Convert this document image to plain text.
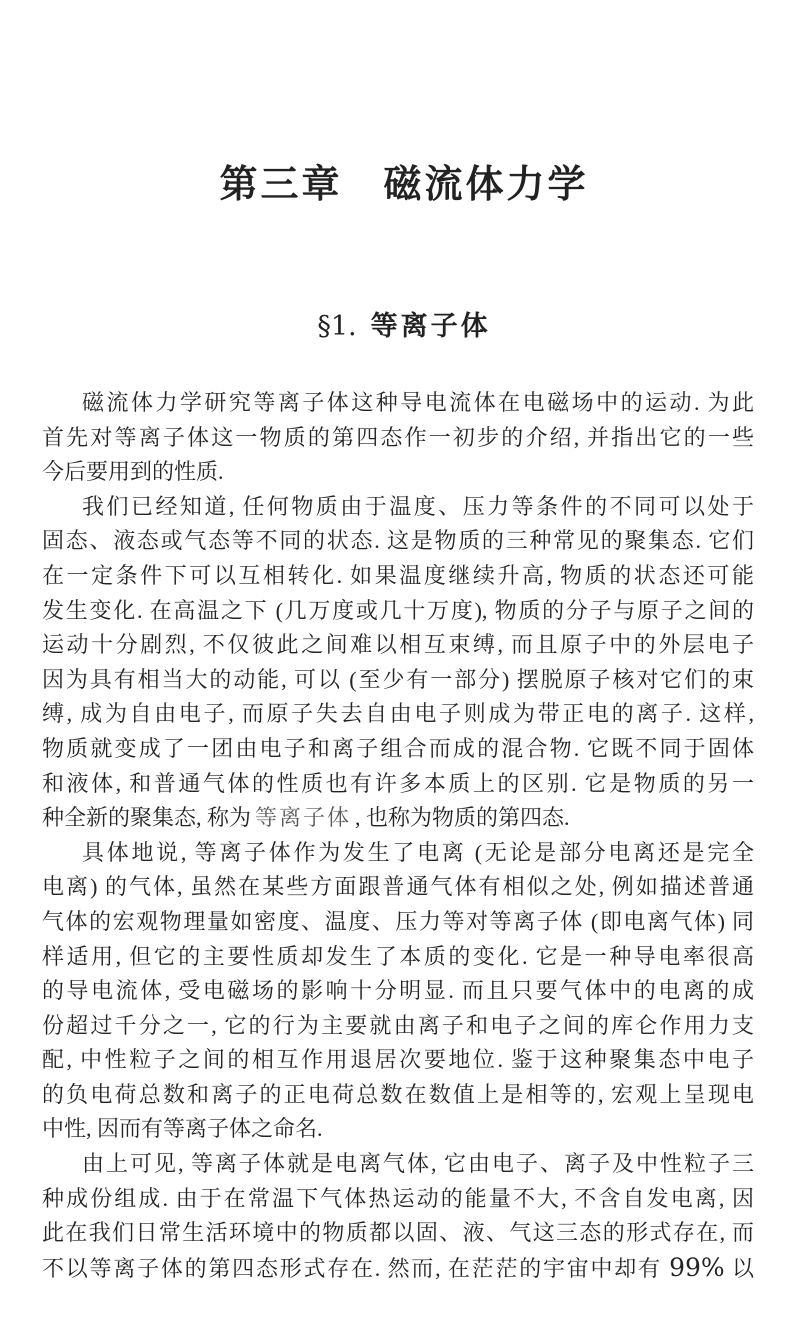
第三章　磁流体力学
§1. 等离子体
磁流体力学研究等离子体这种导电流体在电磁场中的运动. 为此
首先对等离子体这一物质的第四态作一初步的介绍, 并指出它的一些
今后要用到的性质.
我们已经知道, 任何物质由于温度、压力等条件的不同可以处于
固态、液态或气态等不同的状态. 这是物质的三种常见的聚集态. 它们
在一定条件下可以互相转化. 如果温度继续升高, 物质的状态还可能
发生变化. 在高温之下 (几万度或几十万度), 物质的分子与原子之间的
运动十分剧烈, 不仅彼此之间难以相互束缚, 而且原子中的外层电子
因为具有相当大的动能, 可以 (至少有一部分) 摆脱原子核对它们的束
缚, 成为自由电子, 而原子失去自由电子则成为带正电的离子. 这样,
物质就变成了一团由电子和离子组合而成的混合物. 它既不同于固体
和液体, 和普通气体的性质也有许多本质上的区别. 它是物质的另一
种全新的聚集态, 称为 等离子体 , 也称为物质的第四态.
具体地说, 等离子体作为发生了电离 (无论是部分电离还是完全
电离) 的气体, 虽然在某些方面跟普通气体有相似之处, 例如描述普通
气体的宏观物理量如密度、温度、压力等对等离子体 (即电离气体) 同
样适用, 但它的主要性质却发生了本质的变化. 它是一种导电率很高
的导电流体, 受电磁场的影响十分明显. 而且只要气体中的电离的成
份超过千分之一, 它的行为主要就由离子和电子之间的库仑作用力支
配, 中性粒子之间的相互作用退居次要地位. 鉴于这种聚集态中电子
的负电荷总数和离子的正电荷总数在数值上是相等的, 宏观上呈现电
中性, 因而有等离子体之命名.
由上可见, 等离子体就是电离气体, 它由电子、离子及中性粒子三
种成份组成. 由于在常温下气体热运动的能量不大, 不含自发电离, 因
此在我们日常生活环境中的物质都以固、液、气这三态的形式存在, 而
不以等离子体的第四态形式存在. 然而, 在茫茫的宇宙中却有 99% 以
